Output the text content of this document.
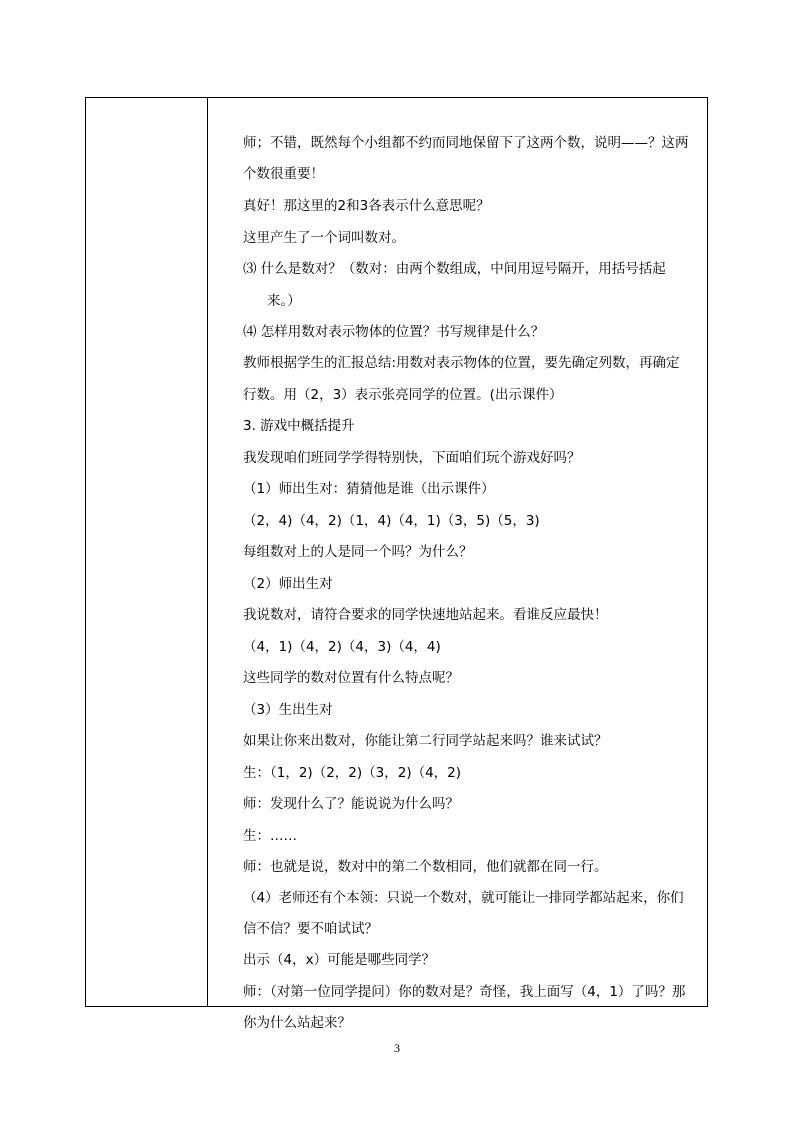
师；不错，既然每个小组都不约而同地保留下了这两个数，说明——？这两
个数很重要！
真好！那这里的2和3各表示什么意思呢？
这里产生了一个词叫数对。
⑶ 什么是数对？（数对：由两个数组成，中间用逗号隔开，用括号括起
来。）
⑷ 怎样用数对表示物体的位置？书写规律是什么？
教师根据学生的汇报总结:用数对表示物体的位置，要先确定列数，再确定
行数。用（2，3）表示张亮同学的位置。(出示课件）
3. 游戏中概括提升
我发现咱们班同学学得特别快，下面咱们玩个游戏好吗？
（1）师出生对：猜猜他是谁（出示课件）
（2，4)（4，2)（1，4)（4，1)（3，5)（5，3)
每组数对上的人是同一个吗？为什么？
（2）师出生对
我说数对，请符合要求的同学快速地站起来。看谁反应最快！
（4，1)（4，2)（4，3)（4，4)
这些同学的数对位置有什么特点呢？
（3）生出生对
如果让你来出数对，你能让第二行同学站起来吗？谁来试试？
生：（1，2)（2，2)（3，2)（4，2)
师：发现什么了？能说说为什么吗？
生：……
师：也就是说，数对中的第二个数相同，他们就都在同一行。
（4）老师还有个本领：只说一个数对，就可能让一排同学都站起来，你们
信不信？要不咱试试？
出示（4，x）可能是哪些同学？
师：（对第一位同学提问）你的数对是？奇怪，我上面写（4，1）了吗？那
你为什么站起来？
3
